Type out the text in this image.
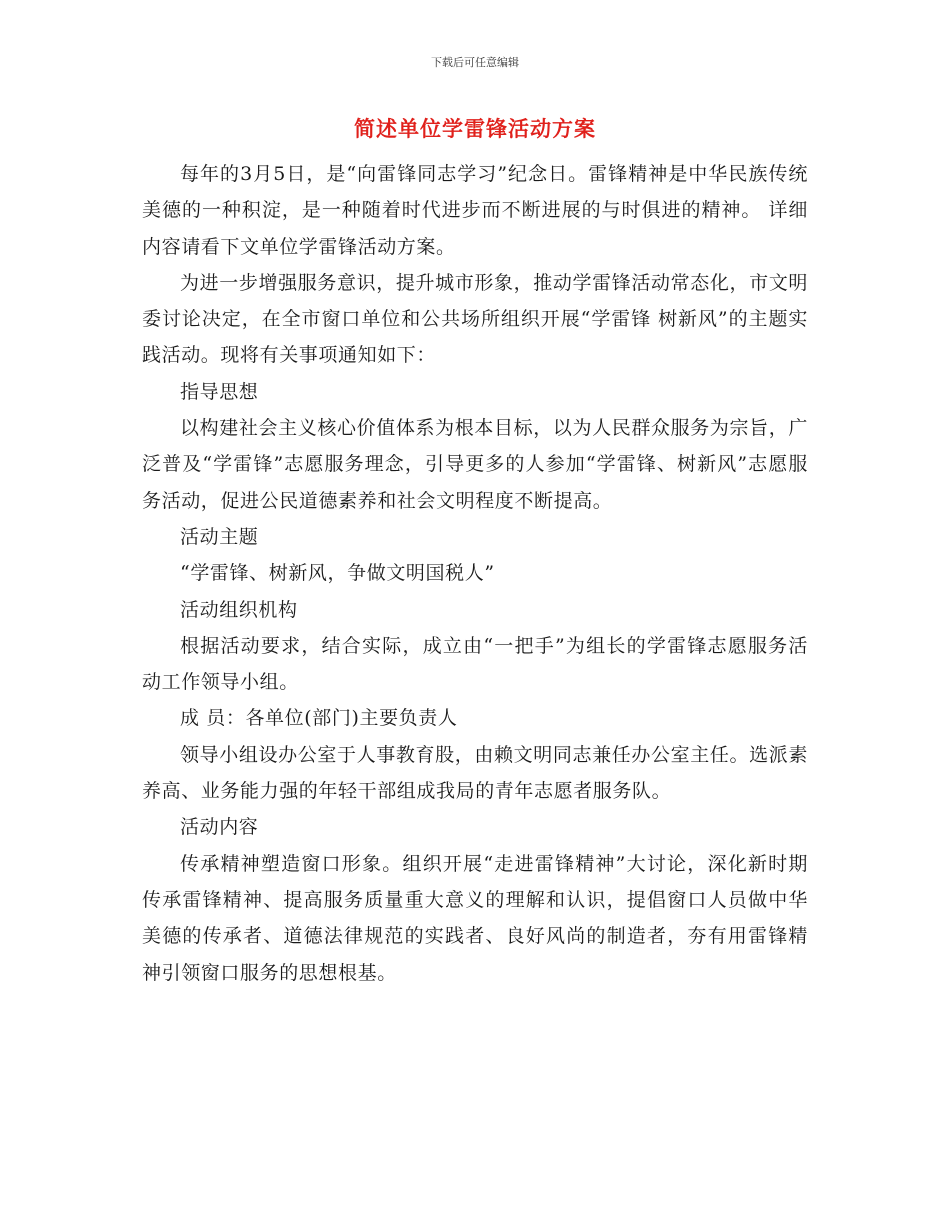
下载后可任意编辑
简述单位学雷锋活动方案

每年的3月5日，是“向雷锋同志学习”纪念日。雷锋精神是中华民族传统美德的一种积淀，是一种随着时代进步而不断进展的与时俱进的精神。 详细内容请看下文单位学雷锋活动方案。

为进一步增强服务意识，提升城市形象，推动学雷锋活动常态化，市文明委讨论决定，在全市窗口单位和公共场所组织开展“学雷锋 树新风”的主题实践活动。现将有关事项通知如下：

指导思想

以构建社会主义核心价值体系为根本目标，以为人民群众服务为宗旨，广泛普及“学雷锋”志愿服务理念，引导更多的人参加“学雷锋、树新风”志愿服务活动，促进公民道德素养和社会文明程度不断提高。

活动主题

“学雷锋、树新风，争做文明国税人”

活动组织机构

根据活动要求，结合实际，成立由“一把手”为组长的学雷锋志愿服务活动工作领导小组。

成 员：各单位(部门)主要负责人

领导小组设办公室于人事教育股，由赖文明同志兼任办公室主任。选派素养高、业务能力强的年轻干部组成我局的青年志愿者服务队。

活动内容

传承精神塑造窗口形象。组织开展“走进雷锋精神”大讨论，深化新时期传承雷锋精神、提高服务质量重大意义的理解和认识，提倡窗口人员做中华美德的传承者、道德法律规范的实践者、良好风尚的制造者，夯有用雷锋精神引领窗口服务的思想根基。
